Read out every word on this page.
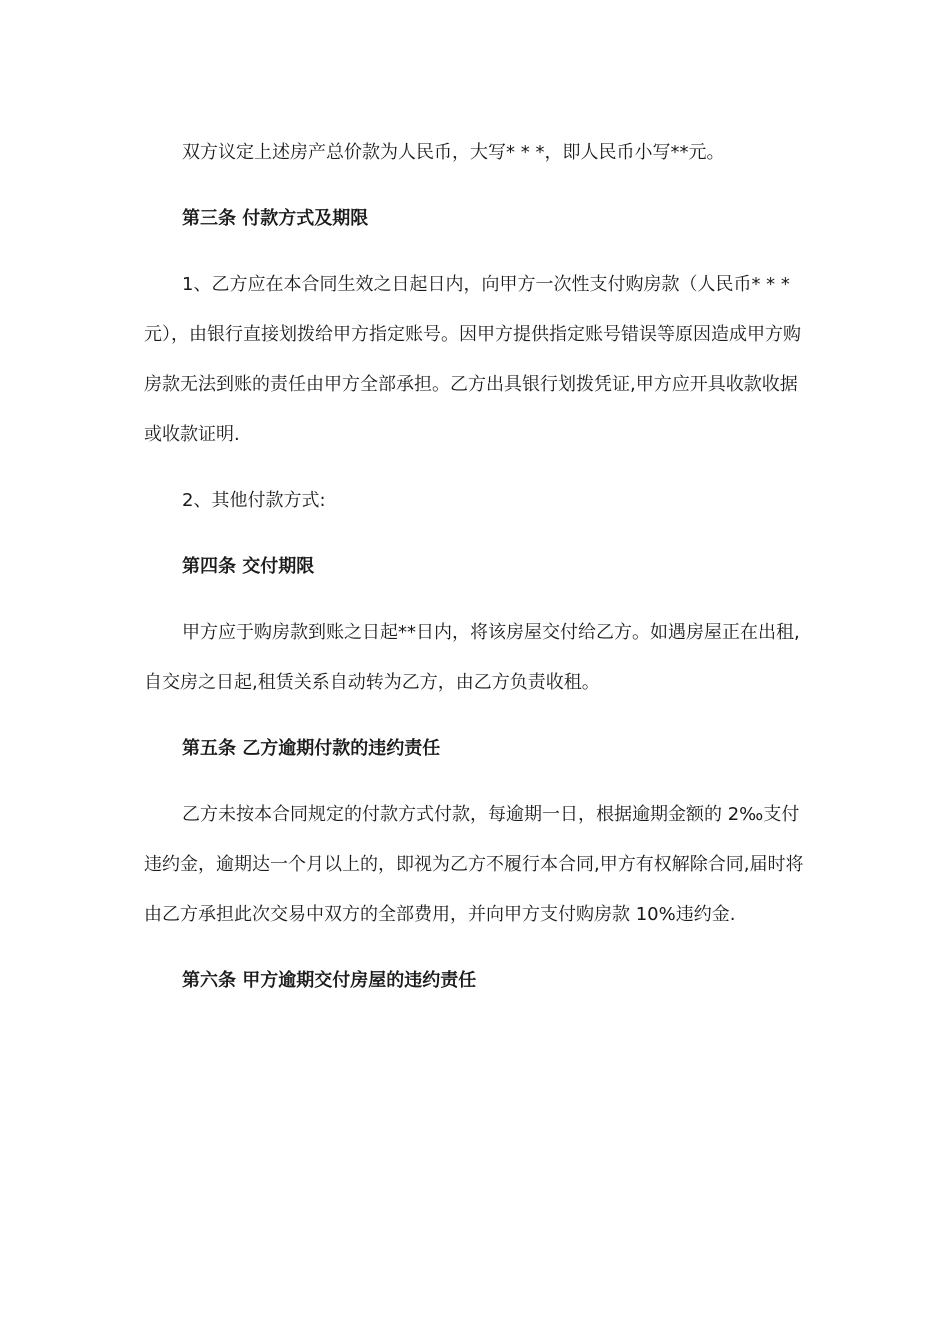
双方议定上述房产总价款为人民币，大写* * *，即人民币小写**元。

第三条 付款方式及期限

1、乙方应在本合同生效之日起日内，向甲方一次性支付购房款（人民币* * * 元），由银行直接划拨给甲方指定账号。因甲方提供指定账号错误等原因造成甲方购房款无法到账的责任由甲方全部承担。乙方出具银行划拨凭证,甲方应开具收款收据或收款证明.

2、其他付款方式:

第四条 交付期限

甲方应于购房款到账之日起**日内，将该房屋交付给乙方。如遇房屋正在出租,自交房之日起,租赁关系自动转为乙方，由乙方负责收租。

第五条 乙方逾期付款的违约责任

乙方未按本合同规定的付款方式付款，每逾期一日，根据逾期金额的 2‰支付违约金，逾期达一个月以上的，即视为乙方不履行本合同,甲方有权解除合同,届时将由乙方承担此次交易中双方的全部费用，并向甲方支付购房款 10%违约金.

第六条 甲方逾期交付房屋的违约责任
